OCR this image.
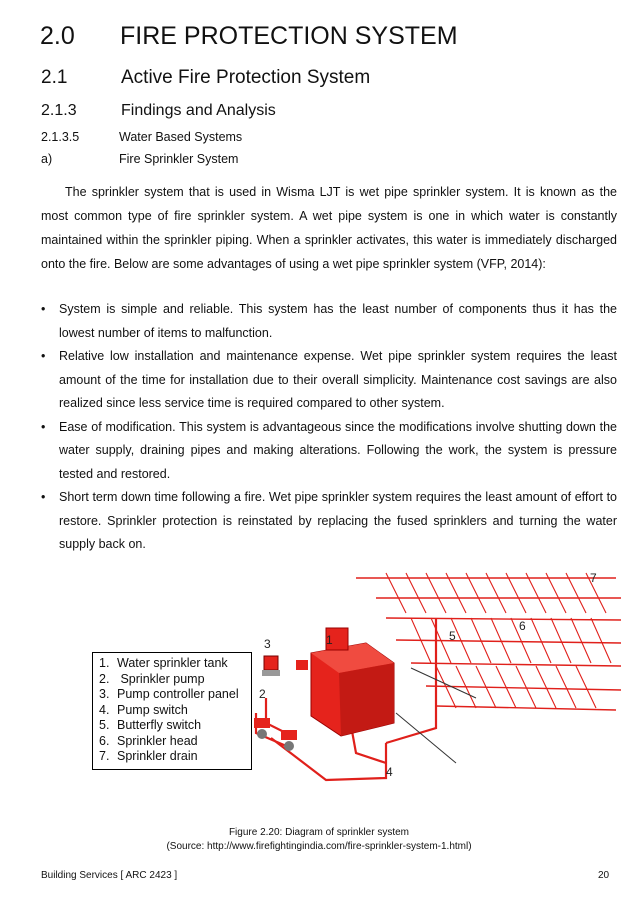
2.0 FIRE PROTECTION SYSTEM
2.1	Active Fire Protection System
2.1.3	Findings and Analysis
2.1.3.5	Water Based Systems
a)	Fire Sprinkler System

The sprinkler system that is used in Wisma LJT is wet pipe sprinkler system. It is known as the most common type of fire sprinkler system. A wet pipe system is one in which water is constantly maintained within the sprinkler piping. When a sprinkler activates, this water is immediately discharged onto the fire. Below are some advantages of using a wet pipe sprinkler system (VFP, 2014):

• System is simple and reliable. This system has the least number of components thus it has the lowest number of items to malfunction.
• Relative low installation and maintenance expense. Wet pipe sprinkler system requires the least amount of the time for installation due to their overall simplicity. Maintenance cost savings are also realized since less service time is required compared to other system.
• Ease of modification. This system is advantageous since the modifications involve shutting down the water supply, draining pipes and making alterations. Following the work, the system is pressure tested and restored.
• Short term down time following a fire. Wet pipe sprinkler system requires the least amount of effort to restore. Sprinkler protection is reinstated by replacing the fused sprinklers and turning the water supply back on.
1
2
3
4
5
6
7
1. Water sprinkler tank
2. Sprinkler pump
3. Pump controller panel
4. Pump switch
5. Butterfly switch
6. Sprinkler head
7. Sprinkler drain
Figure 2.20: Diagram of sprinkler system
(Source: http://www.firefightingindia.com/fire-sprinkler-system-1.html)
Building Services [ ARC 2423 ]	20
